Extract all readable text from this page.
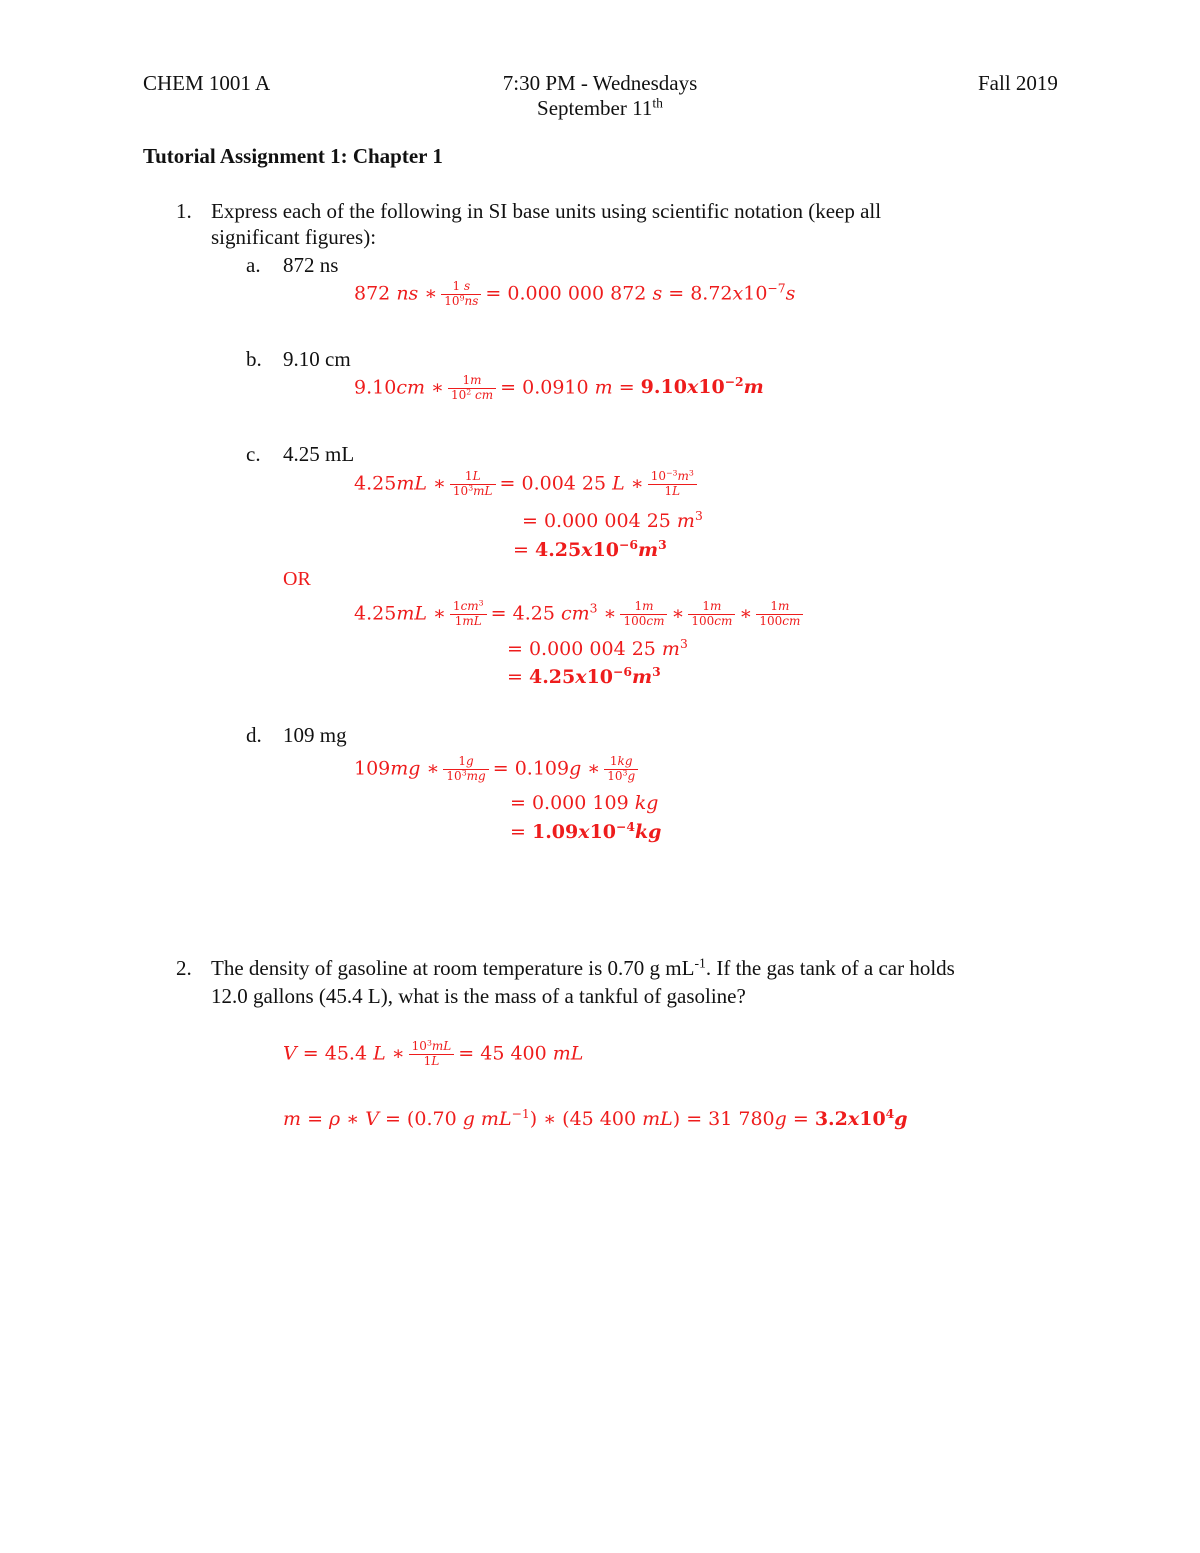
CHEM 1001 A	7:30 PM - Wednesdays
September 11th
Fall 2019
Tutorial Assignment 1: Chapter 1
1. Express each of the following in SI base units using scientific notation (keep all
significant figures):
a. 872 ns
872 ns ∗ $\frac{1 s}{10^9ns} = 0.000$ 000 872 $s = 8.72x10^{-7}s$
b. 9.10 cm
9.10cm ∗ $\frac{1m}{10^2 cm} = 0.0910$ $m = 9.10x10^{-2}m$
c. 4.25 mL
4.25mL ∗ $\frac{1L}{10^3mL} = 0.004$ 25 L ∗ $\frac{10^{-3}m^3}{1L}$
= 0.000 004 25 $m^3$
= $4.25x10^{-6}m^3$
OR
4.25mL ∗ $\frac{1cm^3}{1mL} = 4.25$ $cm^3$ ∗ $\frac{1m}{100cm}$ ∗ $\frac{1m}{100cm}$ ∗ $\frac{1m}{100cm}$
= 0.000 004 25 $m^3$
= $4.25x10^{-6}m^3$
d. 109 mg
109mg ∗ $\frac{1g}{10^3mg} = 0.109g$ ∗ $\frac{1kg}{10^3g}$
= 0.000 109 kg
= $1.09x10^{-4}kg$
2. The density of gasoline at room temperature is 0.70 g $mL^{-1}$. If the gas tank of a car holds
12.0 gallons (45.4 L), what is the mass of a tankful of gasoline?
V = 45.4 L ∗ $\frac{10^3mL}{1L} = 45$ 400 mL
m = ρ ∗ V = (0.70 g $mL^{-1}$) ∗ (45 400 mL) = 31 $780g = 3.2x10^4g$
